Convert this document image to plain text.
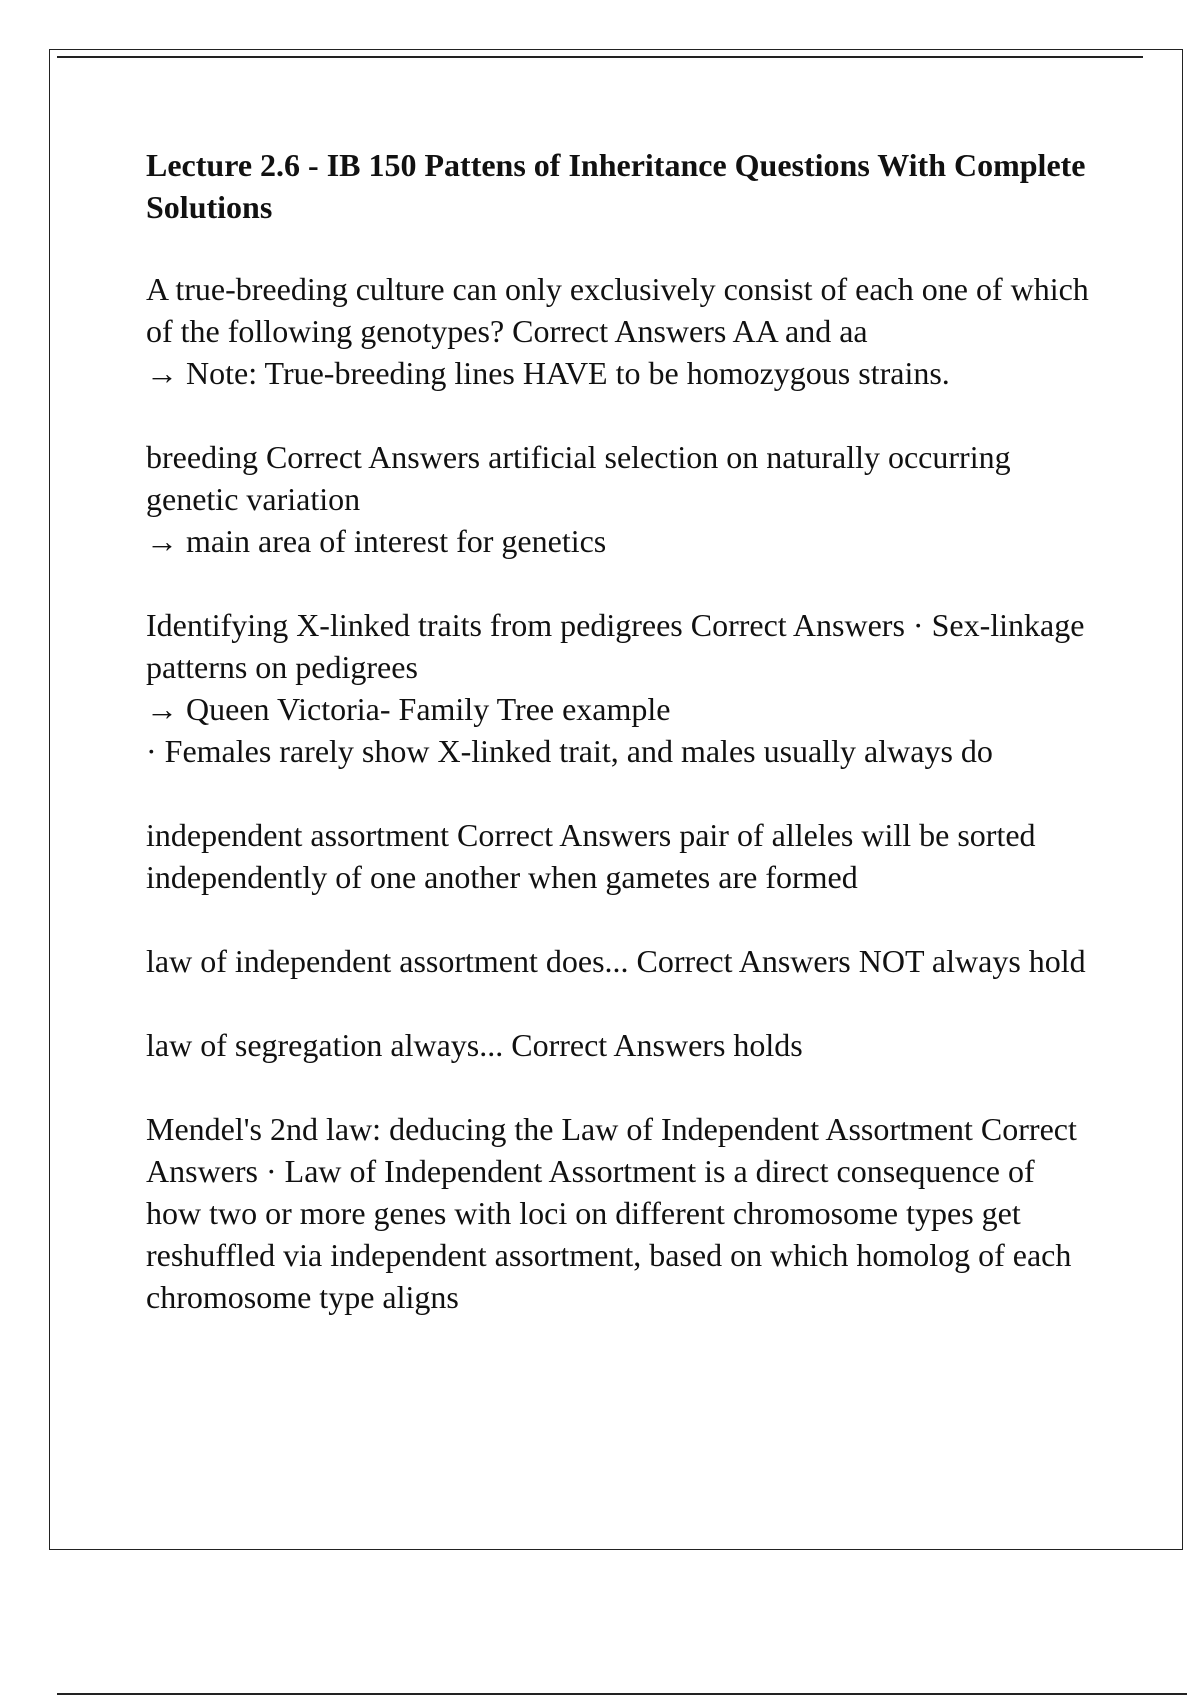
Lecture 2.6 - IB 150 Pattens of Inheritance Questions With Complete Solutions

A true-breeding culture can only exclusively consist of each one of which of the following genotypes? Correct Answers AA and aa

→ Note: True-breeding lines HAVE to be homozygous strains.

breeding Correct Answers artificial selection on naturally occurring genetic variation

→ main area of interest for genetics

Identifying X-linked traits from pedigrees Correct Answers · Sex-linkage patterns on pedigrees

→ Queen Victoria- Family Tree example

· Females rarely show X-linked trait, and males usually always do

independent assortment Correct Answers pair of alleles will be sorted independently of one another when gametes are formed

law of independent assortment does... Correct Answers NOT always hold

law of segregation always... Correct Answers holds

Mendel's 2nd law: deducing the Law of Independent Assortment Correct Answers · Law of Independent Assortment is a direct consequence of how two or more genes with loci on different chromosome types get reshuffled via independent assortment, based on which homolog of each chromosome type aligns
